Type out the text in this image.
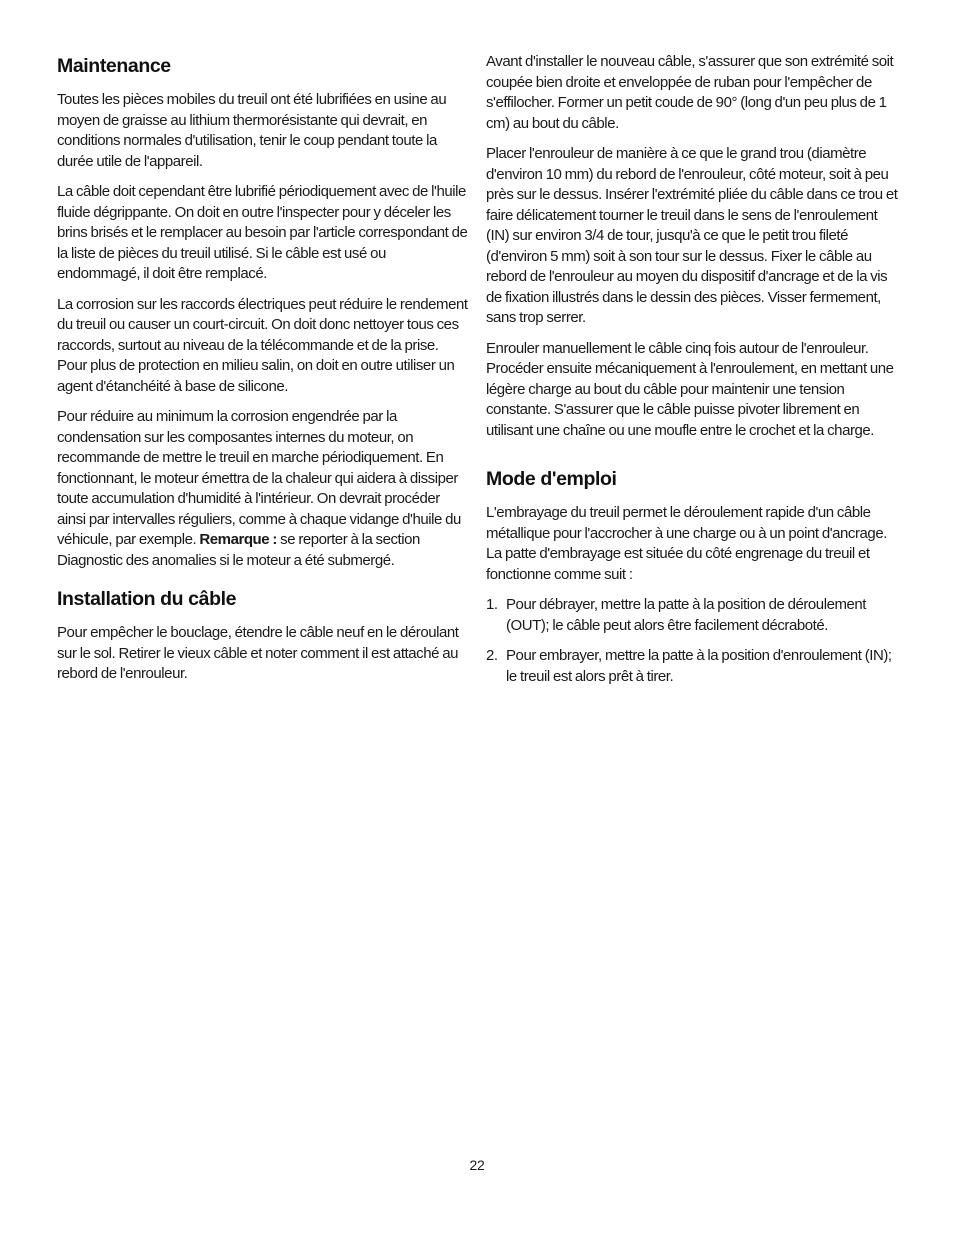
Maintenance

Toutes les pièces mobiles du treuil ont été lubrifiées en usine au moyen de graisse au lithium thermorésistante qui devrait, en conditions normales d'utilisation, tenir le coup pendant toute la durée utile de l'appareil.

La câble doit cependant être lubrifié périodiquement avec de l'huile fluide dégrippante. On doit en outre l'inspecter pour y déceler les brins brisés et le remplacer au besoin par l'article correspondant de la liste de pièces du treuil utilisé. Si le câble est usé ou endommagé, il doit être remplacé.

La corrosion sur les raccords électriques peut réduire le rendement du treuil ou causer un court-circuit. On doit donc nettoyer tous ces raccords, surtout au niveau de la télécommande et de la prise. Pour plus de protection en milieu salin, on doit en outre utiliser un agent d'étanchéité à base de silicone.

Pour réduire au minimum la corrosion engendrée par la condensation sur les composantes internes du moteur, on recommande de mettre le treuil en marche périodiquement. En fonctionnant, le moteur émettra de la chaleur qui aidera à dissiper toute accumulation d'humidité à l'intérieur. On devrait procéder ainsi par intervalles réguliers, comme à chaque vidange d'huile du véhicule, par exemple. Remarque : se reporter à la section Diagnostic des anomalies si le moteur a été submergé.

Installation du câble

Pour empêcher le bouclage, étendre le câble neuf en le déroulant sur le sol. Retirer le vieux câble et noter comment il est attaché au rebord de l'enrouleur.

Avant d'installer le nouveau câble, s'assurer que son extrémité soit coupée bien droite et enveloppée de ruban pour l'empêcher de s'effilocher. Former un petit coude de 90° (long d'un peu plus de 1 cm) au bout du câble.

Placer l'enrouleur de manière à ce que le grand trou (diamètre d'environ 10 mm) du rebord de l'enrouleur, côté moteur, soit à peu près sur le dessus. Insérer l'extrémité pliée du câble dans ce trou et faire délicatement tourner le treuil dans le sens de l'enroulement (IN) sur environ 3/4 de tour, jusqu'à ce que le petit trou fileté (d'environ 5 mm) soit à son tour sur le dessus. Fixer le câble au rebord de l'enrouleur au moyen du dispositif d'ancrage et de la vis de fixation illustrés dans le dessin des pièces. Visser fermement, sans trop serrer.

Enrouler manuellement le câble cinq fois autour de l'enrouleur. Procéder ensuite mécaniquement à l'enroulement, en mettant une légère charge au bout du câble pour maintenir une tension constante. S'assurer que le câble puisse pivoter librement en utilisant une chaîne ou une moufle entre le crochet et la charge.

Mode d'emploi

L'embrayage du treuil permet le déroulement rapide d'un câble métallique pour l'accrocher à une charge ou à un point d'ancrage. La patte d'embrayage est située du côté engrenage du treuil et fonctionne comme suit :

1. Pour débrayer, mettre la patte à la position de déroulement (OUT); le câble peut alors être facilement décraboté.
2. Pour embrayer, mettre la patte à la position d'enroulement (IN); le treuil est alors prêt à tirer.
22
